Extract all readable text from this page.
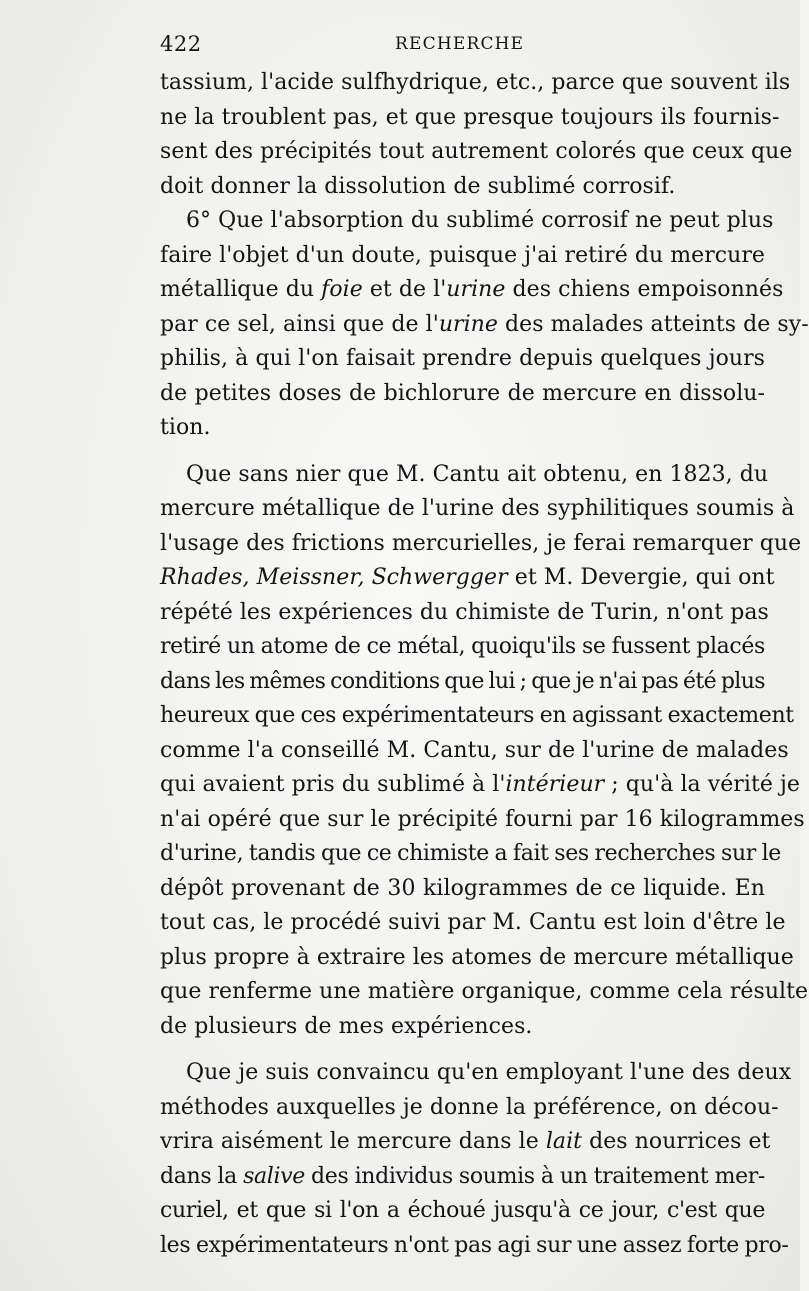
422	RECHERCHE
tassium, l'acide sulfhydrique, etc., parce que souvent ils
ne la troublent pas, et que presque toujours ils fournis-
sent des précipités tout autrement colorés que ceux que
doit donner la dissolution de sublimé corrosif.
6° Que l'absorption du sublimé corrosif ne peut plus
faire l'objet d'un doute, puisque j'ai retiré du mercure
métallique du foie et de l'urine des chiens empoisonnés
par ce sel, ainsi que de l'urine des malades atteints de sy-
philis, à qui l'on faisait prendre depuis quelques jours
de petites doses de bichlorure de mercure en dissolu-
tion.
Que sans nier que M. Cantu ait obtenu, en 1823, du
mercure métallique de l'urine des syphilitiques soumis à
l'usage des frictions mercurielles, je ferai remarquer que
Rhades, Meissner, Schwergger et M. Devergie, qui ont
répété les expériences du chimiste de Turin, n'ont pas
retiré un atome de ce métal, quoiqu'ils se fussent placés
dans les mêmes conditions que lui ; que je n'ai pas été plus
heureux que ces expérimentateurs en agissant exactement
comme l'a conseillé M. Cantu, sur de l'urine de malades
qui avaient pris du sublimé à l'intérieur ; qu'à la vérité je
n'ai opéré que sur le précipité fourni par 16 kilogrammes
d'urine, tandis que ce chimiste a fait ses recherches sur le
dépôt provenant de 30 kilogrammes de ce liquide. En
tout cas, le procédé suivi par M. Cantu est loin d'être le
plus propre à extraire les atomes de mercure métallique
que renferme une matière organique, comme cela résulte
de plusieurs de mes expériences.
Que je suis convaincu qu'en employant l'une des deux
méthodes auxquelles je donne la préférence, on décou-
vrira aisément le mercure dans le lait des nourrices et
dans la salive des individus soumis à un traitement mer-
curiel, et que si l'on a échoué jusqu'à ce jour, c'est que
les expérimentateurs n'ont pas agi sur une assez forte pro-
